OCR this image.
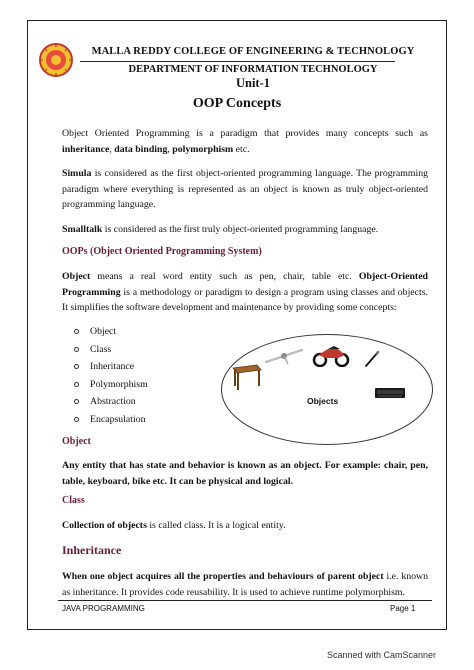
MALLA REDDY COLLEGE OF ENGINEERING & TECHNOLOGY
DEPARTMENT OF INFORMATION TECHNOLOGY
Unit-1
OOP Concepts
Object Oriented Programming is a paradigm that provides many concepts such as inheritance, data binding, polymorphism etc.
Simula is considered as the first object-oriented programming language. The programming paradigm where everything is represented as an object is known as truly object-oriented programming language.
Smalltalk is considered as the first truly object-oriented programming language.
OOPs (Object Oriented Programming System)
Object means a real word entity such as pen, chair, table etc. Object-Oriented Programming is a methodology or paradigm to design a program using classes and objects. It simplifies the software development and maintenance by providing some concepts:
Object
Class
Inheritance
Polymorphism
Abstraction
Encapsulation
Objects
Object
Any entity that has state and behavior is known as an object. For example: chair, pen, table, keyboard, bike etc. It can be physical and logical.
Class
Collection of objects is called class. It is a logical entity.
Inheritance
When one object acquires all the properties and behaviours of parent object i.e. known as inheritance. It provides code reusability. It is used to achieve runtime polymorphism.
JAVA PROGRAMMING	Page 1
Scanned with CamScanner
